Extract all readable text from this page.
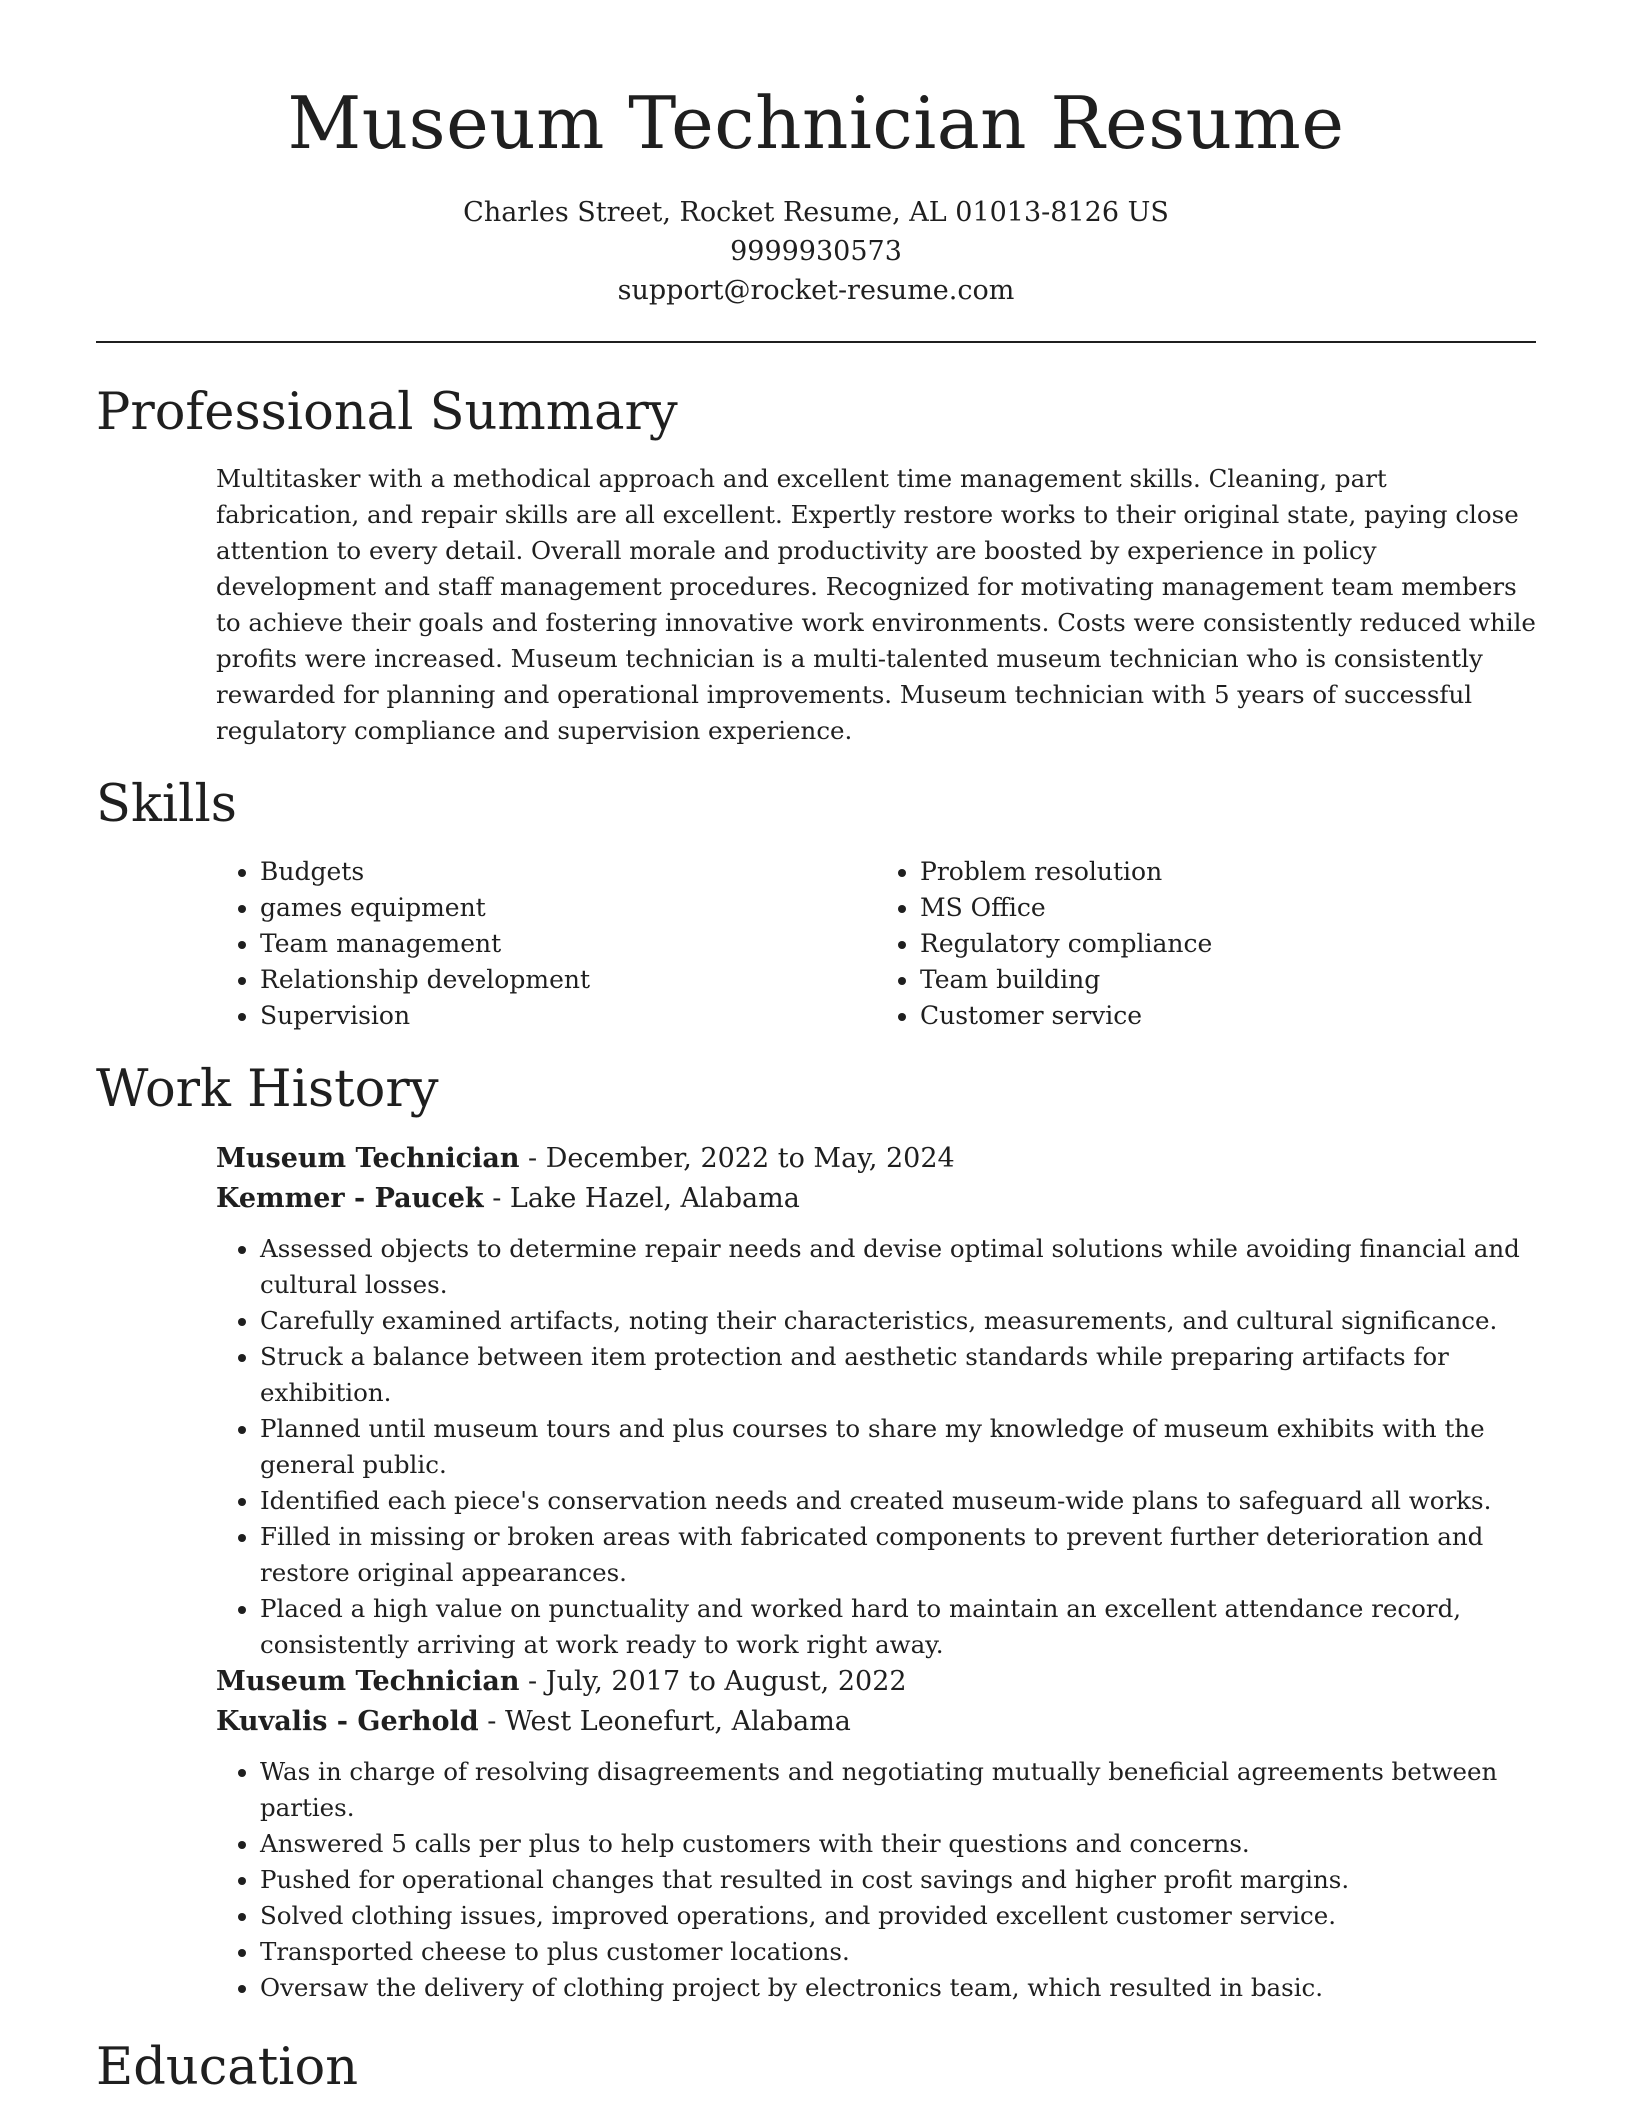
Museum Technician Resume
Charles Street, Rocket Resume, AL 01013-8126 US
9999930573
support@rocket-resume.com
Professional Summary

Multitasker with a methodical approach and excellent time management skills. Cleaning, part fabrication, and repair skills are all excellent. Expertly restore works to their original state, paying close attention to every detail. Overall morale and productivity are boosted by experience in policy development and staff management procedures. Recognized for motivating management team members to achieve their goals and fostering innovative work environments. Costs were consistently reduced while profits were increased. Museum technician is a multi-talented museum technician who is consistently rewarded for planning and operational improvements. Museum technician with 5 years of successful regulatory compliance and supervision experience.

Skills
• Budgets
• games equipment
• Team management
• Relationship development
• Supervision
• Problem resolution
• MS Office
• Regulatory compliance
• Team building
• Customer service
Work History
Museum Technician - December, 2022 to May, 2024
Kemmer - Paucek - Lake Hazel, Alabama
• Assessed objects to determine repair needs and devise optimal solutions while avoiding financial and cultural losses.
• Carefully examined artifacts, noting their characteristics, measurements, and cultural significance.
• Struck a balance between item protection and aesthetic standards while preparing artifacts for exhibition.
• Planned until museum tours and plus courses to share my knowledge of museum exhibits with the general public.
• Identified each piece's conservation needs and created museum-wide plans to safeguard all works.
• Filled in missing or broken areas with fabricated components to prevent further deterioration and restore original appearances.
• Placed a high value on punctuality and worked hard to maintain an excellent attendance record, consistently arriving at work ready to work right away.
Museum Technician - July, 2017 to August, 2022
Kuvalis - Gerhold - West Leonefurt, Alabama
• Was in charge of resolving disagreements and negotiating mutually beneficial agreements between parties.
• Answered 5 calls per plus to help customers with their questions and concerns.
• Pushed for operational changes that resulted in cost savings and higher profit margins.
• Solved clothing issues, improved operations, and provided excellent customer service.
• Transported cheese to plus customer locations.
• Oversaw the delivery of clothing project by electronics team, which resulted in basic.
Education
